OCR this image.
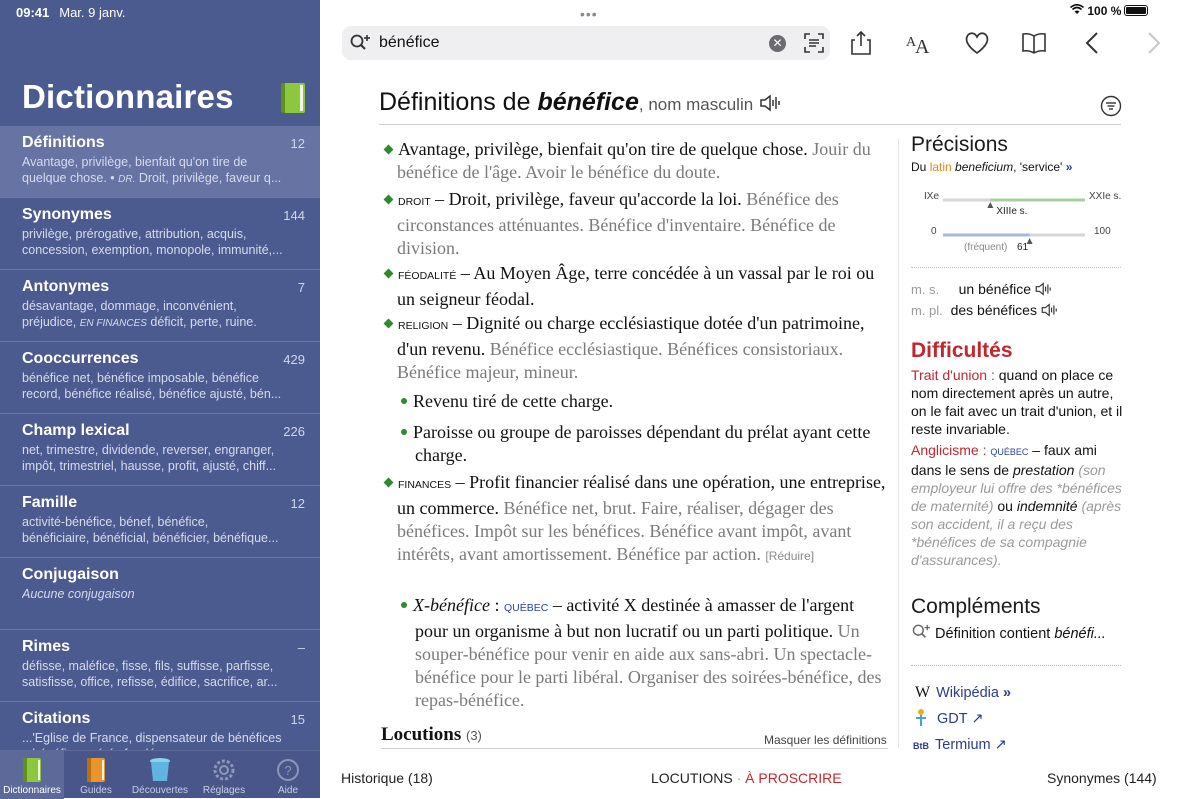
09:41 Mar. 9 janv.
Dictionnaires
Définitions	12
Avantage, privilège, bienfait qu'on tire de
quelque chose. • DR. Droit, privilège, faveur q...
Synonymes	144
privilège, prérogative, attribution, acquis,
concession, exemption, monopole, immunité,...
Antonymes	7
désavantage, dommage, inconvénient,
préjudice, EN FINANCES déficit, perte, ruine.
Cooccurrences	429
bénéfice net, bénéfice imposable, bénéfice
record, bénéfice réalisé, bénéfice ajusté, bén...
Champ lexical	226
net, trimestre, dividende, reverser, engranger,
impôt, trimestriel, hausse, profit, ajusté, chiff...
Famille	12
activité-bénéfice, bénef, bénéfice,
bénéficiaire, bénéficial, bénéficier, bénéfique...
Conjugaison
Aucune conjugaison

Rimes	–
défisse, maléfice, fisse, fils, suffisse, parfisse,
satisfisse, office, refisse, édifice, sacrifice, ar...
Citations	15
...'Eglise de France, dispensateur de bénéfices

Dictionnaires	Guides	Découvertes	Réglages
?
Aide
•••	100 %
bénéfice	✕	A
A
Définitions de bénéfice, nom masculin

Avantage, privilège, bienfait qu'on tire de quelque chose. Jouir du bénéfice de l'âge. Avoir le bénéfice du doute.

DROIT – Droit, privilège, faveur qu'accorde la loi. Bénéfice des circonstances atténuantes. Bénéfice d'inventaire. Bénéfice de division.

FÉODALITÉ – Au Moyen Âge, terre concédée à un vassal par le roi ou un seigneur féodal.

RELIGION – Dignité ou charge ecclésiastique dotée d'un patrimoine, d'un revenu. Bénéfice ecclésiastique. Bénéfices consistoriaux. Bénéfice majeur, mineur.

Revenu tiré de cette charge.

Paroisse ou groupe de paroisses dépendant du prélat ayant cette charge.

FINANCES – Profit financier réalisé dans une opération, une entreprise, un commerce. Bénéfice net, brut. Faire, réaliser, dégager des bénéfices. Impôt sur les bénéfices. Bénéfice avant impôt, avant intérêts, avant amortissement. Bénéfice par action. [Réduire]

X-bénéfice : QUÉBEC – activité X destinée à amasser de l'argent pour un organisme à but non lucratif ou un parti politique. Un souper-bénéfice pour venir en aide aux sans-abri. Un spectacle-bénéfice pour le parti libéral. Organiser des soirées-bénéfice, des repas-bénéfice.

Locutions (3)	Masquer les définitions
Précisions
Du latin beneficium, 'service' »
IXe	XXIe s.
XIIIe s.
0	100
(fréquent) 61
m. s. un bénéfice
m. pl. des bénéfices
Difficultés
Trait d'union : quand on place ce nom directement après un autre, on le fait avec un trait d'union, et il reste invariable.
Anglicisme : QUÉBEC – faux ami dans le sens de prestation (son employeur lui offre des *bénéfices de maternité) ou indemnité (après son accident, il a reçu des *bénéfices de sa compagnie d'assurances).
Compléments
Définition contient bénéfi...
W Wikipédia »
GDT ↗
BtB Termium ↗
Historique (18)	LOCUTIONS · À PROSCRIRE	Synonymes (144)
